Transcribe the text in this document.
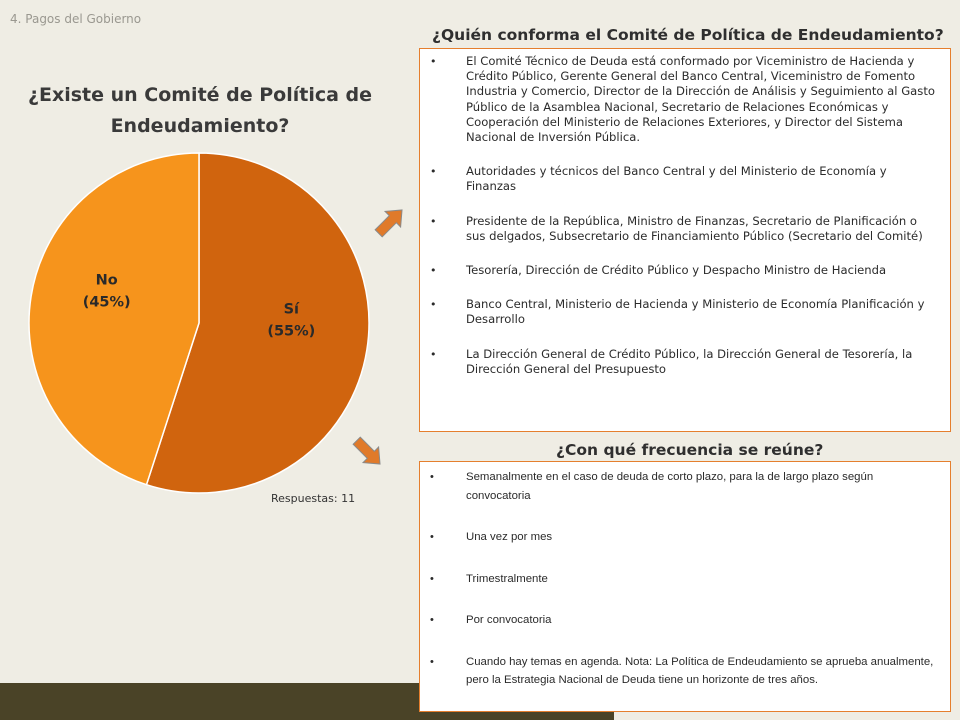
4. Pagos del Gobierno
¿Existe un Comité de Política de Endeudamiento?
Sí
(55%)
No
(45%)
Respuestas: 11
¿Quién conforma el Comité de Política de Endeudamiento?
• El Comité Técnico de Deuda está conformado por Viceministro de Hacienda y Crédito Público, Gerente General del Banco Central, Viceministro de Fomento Industria y Comercio, Director de la Dirección de Análisis y Seguimiento al Gasto Público de la Asamblea Nacional, Secretario de Relaciones Económicas y Cooperación del Ministerio de Relaciones Exteriores, y Director del Sistema Nacional de Inversión Pública.
• Autoridades y técnicos del Banco Central y del Ministerio de Economía y Finanzas
• Presidente de la República, Ministro de Finanzas, Secretario de Planificación o sus delgados, Subsecretario de Financiamiento Público (Secretario del Comité)
• Tesorería, Dirección de Crédito Público y Despacho Ministro de Hacienda
• Banco Central, Ministerio de Hacienda y Ministerio de Economía Planificación y Desarrollo
• La Dirección General de Crédito Público, la Dirección General de Tesorería, la Dirección General del Presupuesto
¿Con qué frecuencia se reúne?
• Semanalmente en el caso de deuda de corto plazo, para la de largo plazo según convocatoria
• Una vez por mes
• Trimestralmente
• Por convocatoria
• Cuando hay temas en agenda. Nota: La Política de Endeudamiento se aprueba anualmente, pero la Estrategia Nacional de Deuda tiene un horizonte de tres años.
